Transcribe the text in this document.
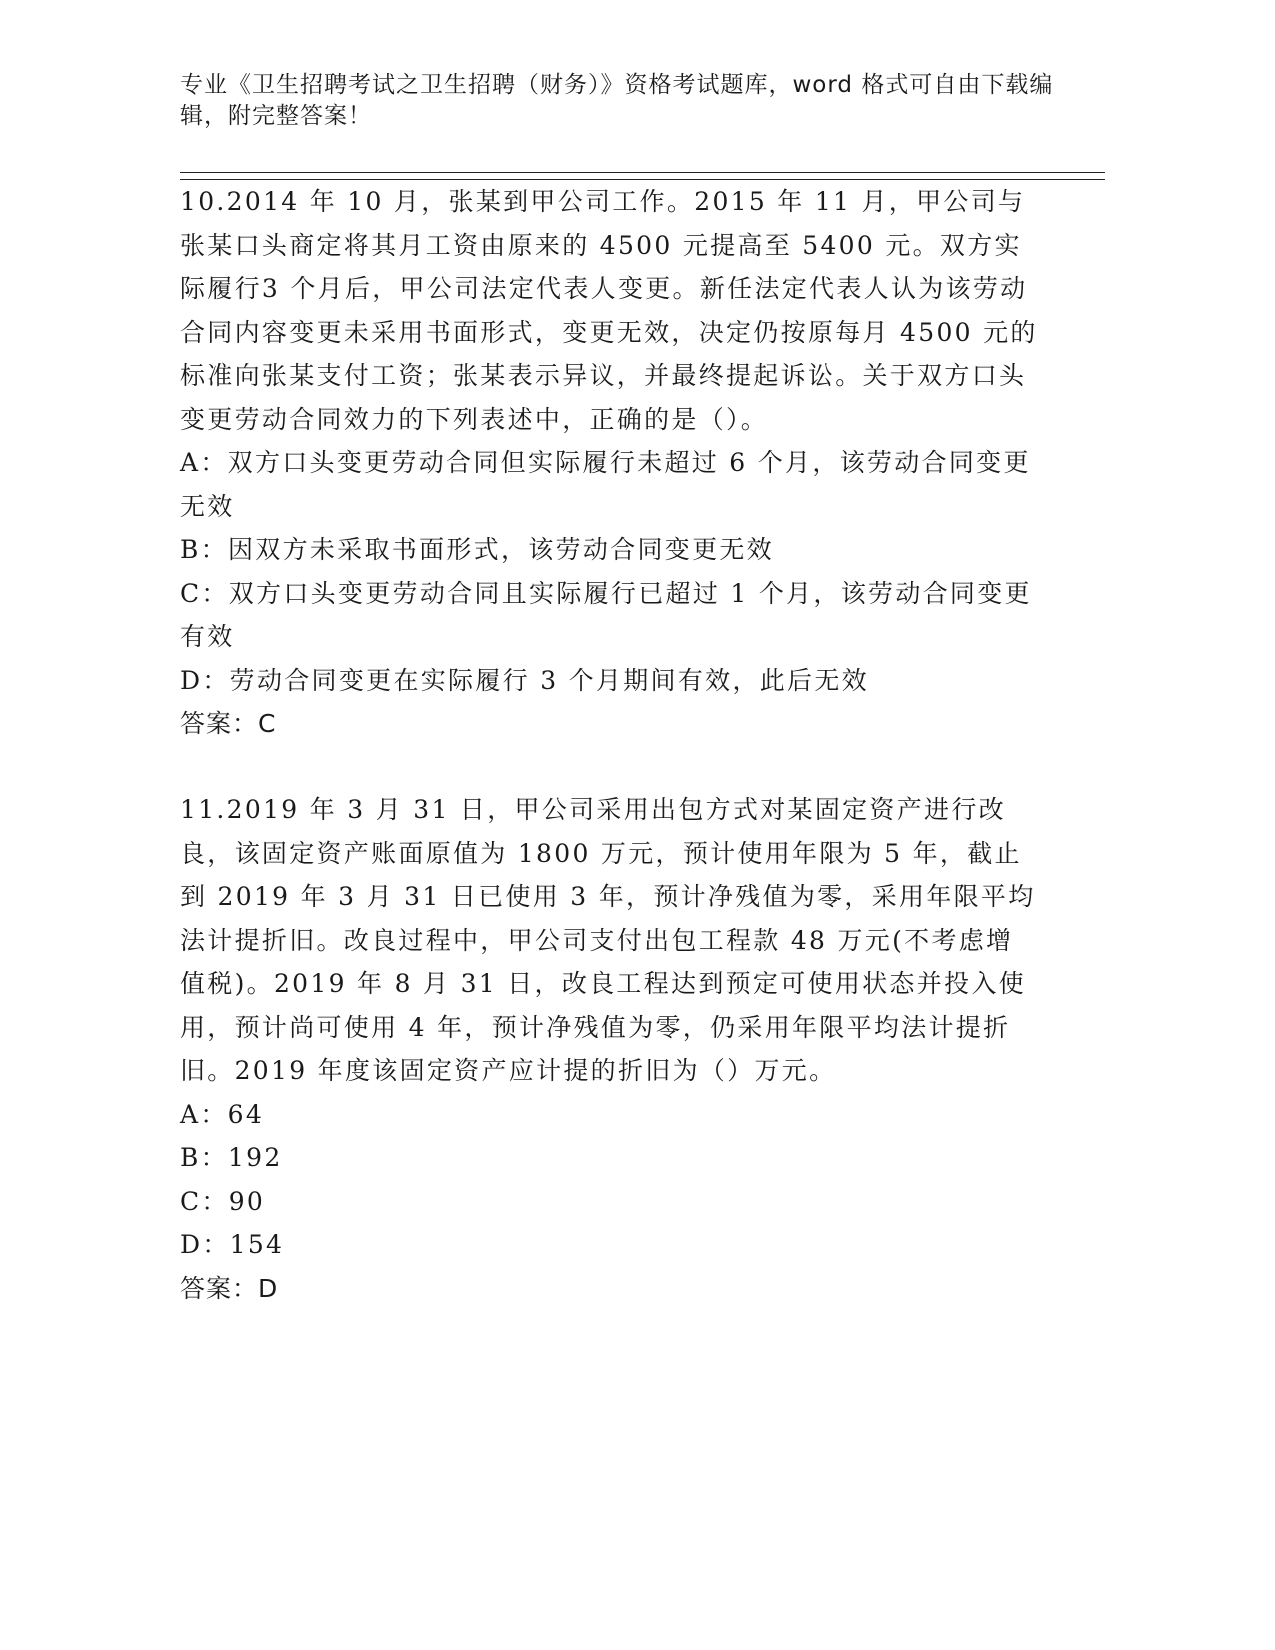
专业《卫生招聘考试之卫生招聘（财务）》资格考试题库，word 格式可自由下载编辑，附完整答案！

10.2014 年 10 月，张某到甲公司工作。2015 年 11 月，甲公司与张某口头商定将其月工资由原来的 4500 元提高至 5400 元。双方实际履行3 个月后，甲公司法定代表人变更。新任法定代表人认为该劳动合同内容变更未采用书面形式，变更无效，决定仍按原每月 4500 元的标准向张某支付工资；张某表示异议，并最终提起诉讼。关于双方口头变更劳动合同效力的下列表述中，正确的是（）。

A：双方口头变更劳动合同但实际履行未超过 6 个月，该劳动合同变更无效

B：因双方未采取书面形式，该劳动合同变更无效

C：双方口头变更劳动合同且实际履行已超过 1 个月，该劳动合同变更有效

D：劳动合同变更在实际履行 3 个月期间有效，此后无效

答案：C

11.2019 年 3 月 31 日，甲公司采用出包方式对某固定资产进行改良，该固定资产账面原值为 1800 万元，预计使用年限为 5 年，截止到 2019 年 3 月 31 日已使用 3 年，预计净残值为零，采用年限平均法计提折旧。改良过程中，甲公司支付出包工程款 48 万元(不考虑增值税)。2019 年 8 月 31 日，改良工程达到预定可使用状态并投入使用，预计尚可使用 4 年，预计净残值为零，仍采用年限平均法计提折旧。2019 年度该固定资产应计提的折旧为（）万元。

A：64

B：192

C：90

D：154

答案：D
